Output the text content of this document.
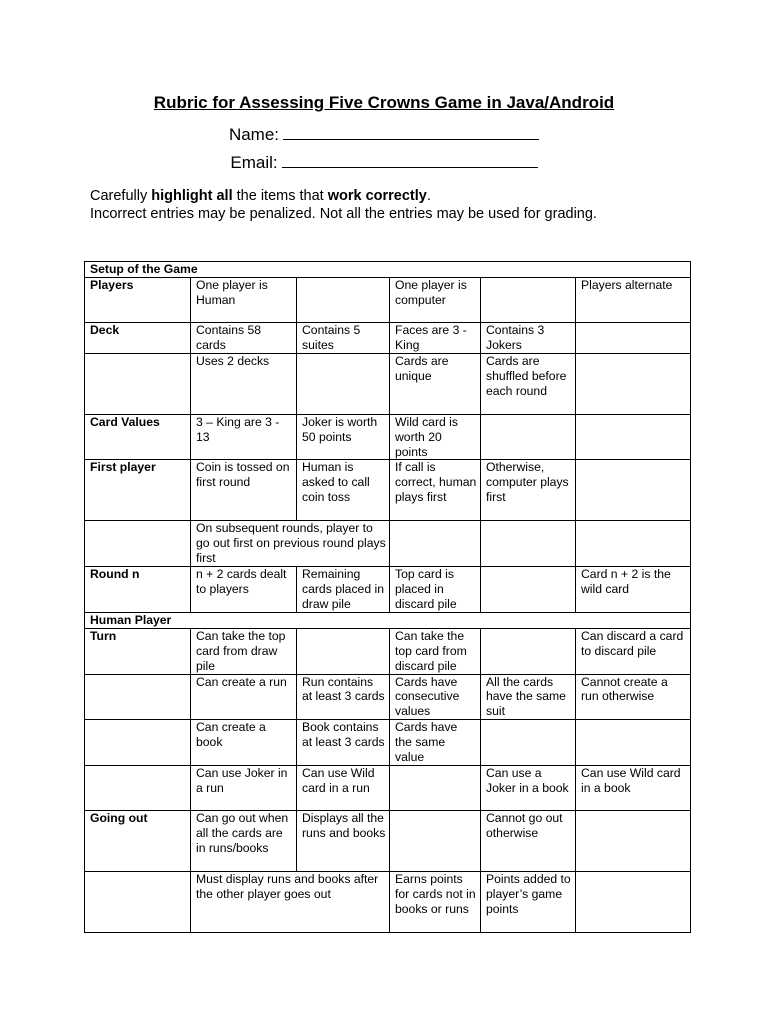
Rubric for Assessing Five Crowns Game in Java/Android
Name:
Email:
Carefully highlight all the items that work correctly.
Incorrect entries may be penalized. Not all the entries may be used for grading.
Setup of the Game					
Players	One player is Human		One player is computer		Players alternate
Deck	Contains 58 cards	Contains 5 suites	Faces are 3 - King	Contains 3 Jokers	
	Uses 2 decks		Cards are unique	Cards are shuffled before each round	
Card Values	3 – King are 3 - 13	Joker is worth 50 points	Wild card is worth 20 points		
First player	Coin is tossed on first round	Human is asked to call coin toss	If call is correct, human plays first	Otherwise, computer plays first	
	On subsequent rounds, player to go out first on previous round plays first				
Round n	n + 2 cards dealt to players	Remaining cards placed in draw pile	Top card is placed in discard pile		Card n + 2 is the wild card
Human Player					
Turn	Can take the top card from draw pile		Can take the top card from discard pile		Can discard a card to discard pile
	Can create a run	Run contains at least 3 cards	Cards have consecutive values	All the cards have the same suit	Cannot create a run otherwise
	Can create a book	Book contains at least 3 cards	Cards have the same value		
	Can use Joker in a run	Can use Wild card in a run		Can use a Joker in a book	Can use Wild card in a book
Going out	Can go out when all the cards are in runs/books	Displays all the runs and books		Cannot go out otherwise	
	Must display runs and books after the other player goes out		Earns points for cards not in books or runs	Points added to player’s game points	
